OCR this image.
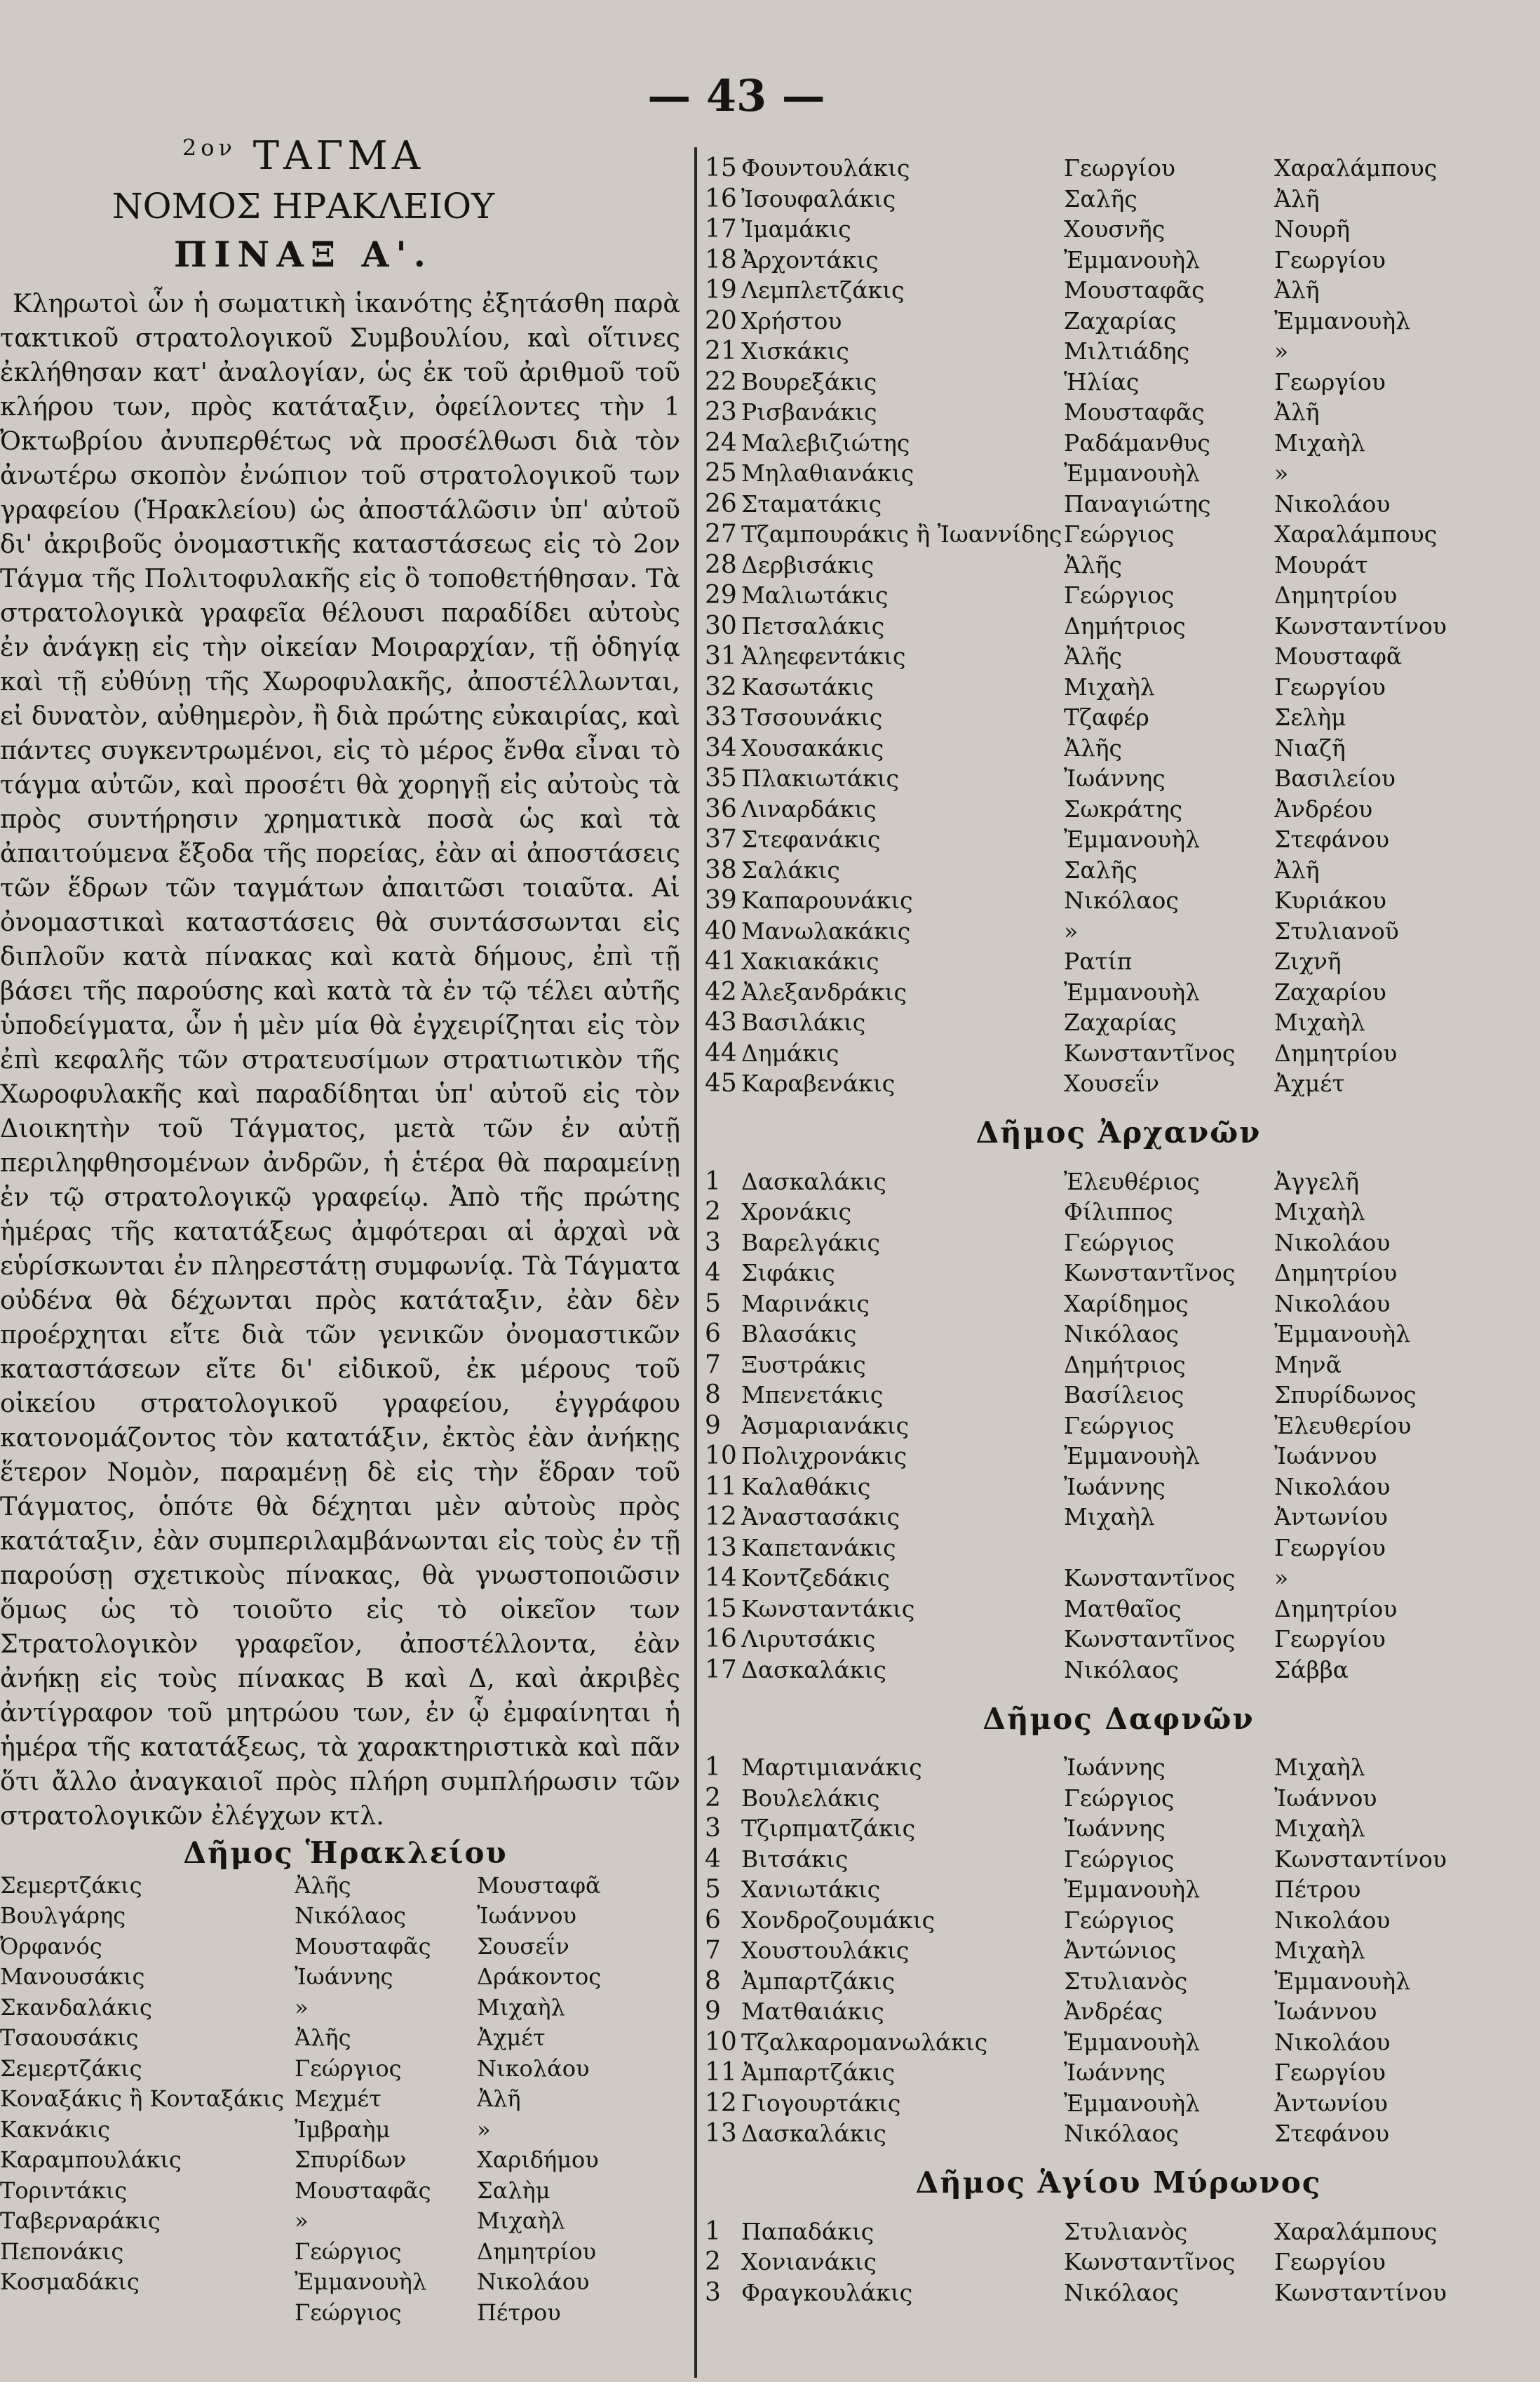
— 43 —
$^{2o\nu}$ ΤΑΓΜΑ
ΝΟΜΟΣ ΗΡΑΚΛΕΙΟΥ
ΠΙΝΑΞ Α'.

Κληρωτοὶ ὧν ἡ σωματικὴ ἱκανότης ἐξητάσθη παρὰ τακτικοῦ στρατολογικοῦ Συμβουλίου, καὶ οἵτινες ἐκλήθησαν κατ' ἀναλογίαν, ὡς ἐκ τοῦ ἀριθμοῦ τοῦ κλήρου των, πρὸς κατάταξιν, ὀφείλοντες τὴν 1 Ὀκτωβρίου ἀνυπερθέτως νὰ προσέλθωσι διὰ τὸν ἀνωτέρω σκοπὸν ἐνώπιον τοῦ στρατολογικοῦ των γραφείου (Ἡρακλείου) ὡς ἀποστάλῶσιν ὑπ' αὐτοῦ δι' ἀκριβοῦς ὀνομαστικῆς καταστάσεως εἰς τὸ 2ον Τάγμα τῆς Πολιτοφυλακῆς εἰς ὃ τοποθετήθησαν. Τὰ στρατολογικὰ γραφεῖα θέλουσι παραδίδει αὐτοὺς ἐν ἀνάγκῃ εἰς τὴν οἰκείαν Μοιραρχίαν, τῇ ὁδηγίᾳ καὶ τῇ εὐθύνῃ τῆς Χωροφυλακῆς, ἀποστέλλωνται, εἰ δυνατὸν, αὐθημερὸν, ἢ διὰ πρώτης εὐκαιρίας, καὶ πάντες συγκεντρωμένοι, εἰς τὸ μέρος ἔνθα εἶναι τὸ τάγμα αὐτῶν, καὶ προσέτι θὰ χορηγῇ εἰς αὐτοὺς τὰ πρὸς συντήρησιν χρηματικὰ ποσὰ ὡς καὶ τὰ ἀπαιτούμενα ἔξοδα τῆς πορείας, ἐὰν αἱ ἀποστάσεις τῶν ἕδρων τῶν ταγμάτων ἀπαιτῶσι τοιαῦτα. Αἱ ὀνομαστικαὶ καταστάσεις θὰ συντάσσωνται εἰς διπλοῦν κατὰ πίνακας καὶ κατὰ δήμους, ἐπὶ τῇ βάσει τῆς παρούσης καὶ κατὰ τὰ ἐν τῷ τέλει αὐτῆς ὑποδείγματα, ὧν ἡ μὲν μία θὰ ἐγχειρίζηται εἰς τὸν ἐπὶ κεφαλῆς τῶν στρατευσίμων στρατιωτικὸν τῆς Χωροφυλακῆς καὶ παραδίδηται ὑπ' αὐτοῦ εἰς τὸν Διοικητὴν τοῦ Τάγματος, μετὰ τῶν ἐν αὐτῇ περιληφθησομένων ἀνδρῶν, ἡ ἑτέρα θὰ παραμείνῃ ἐν τῷ στρατολογικῷ γραφείῳ. Ἀπὸ τῆς πρώτης ἡμέρας τῆς κατατάξεως ἀμφότεραι αἱ ἀρχαὶ νὰ εὑρίσκωνται ἐν πληρεστάτῃ συμφωνίᾳ. Τὰ Τάγματα οὐδένα θὰ δέχωνται πρὸς κατάταξιν, ἐὰν δὲν προέρχηται εἴτε διὰ τῶν γενικῶν ὀνομαστικῶν καταστάσεων εἴτε δι' εἰδικοῦ, ἐκ μέρους τοῦ οἰκείου στρατολογικοῦ γραφείου, ἐγγράφου κατονομάζοντος τὸν κατατάξιν, ἐκτὸς ἐὰν ἀνήκῃς ἕτερον Νομὸν, παραμένῃ δὲ εἰς τὴν ἕδραν τοῦ Τάγματος, ὁπότε θὰ δέχηται μὲν αὐτοὺς πρὸς κατάταξιν, ἐὰν συμπεριλαμβάνωνται εἰς τοὺς ἐν τῇ παρούσῃ σχετικοὺς πίνακας, θὰ γνωστοποιῶσιν ὅμως ὡς τὸ τοιοῦτο εἰς τὸ οἰκεῖον των Στρατολογικὸν γραφεῖον, ἀποστέλλοντα, ἐὰν ἀνήκῃ εἰς τοὺς πίνακας Β καὶ Δ, καὶ ἀκριβὲς ἀντίγραφον τοῦ μητρώου των, ἐν ᾧ ἐμφαίνηται ἡ ἡμέρα τῆς κατατάξεως, τὰ χαρακτηριστικὰ καὶ πᾶν ὅτι ἄλλο ἀναγκαιοῖ πρὸς πλήρη συμπλήρωσιν τῶν στρατολογικῶν ἐλέγχων κτλ.

Δῆμος Ἡρακλείου
Σεμερτζάκις	Ἀλῆς	Μουσταφᾶ
Βουλγάρης	Νικόλαος	Ἰωάννου
Ὀρφανός	Μουσταφᾶς	Σουσεΐν
Μανουσάκις	Ἰωάννης	Δράκοντος
Σκανδαλάκις	»	Μιχαὴλ
Τσαουσάκις	Ἀλῆς	Ἀχμέτ
Σεμερτζάκις	Γεώργιος	Νικολάου
Κοναξάκις ἢ Κονταξάκις	Μεχμέτ	Ἀλῆ
Κακνάκις	Ἰμβραὴμ	»
Καραμπουλάκις	Σπυρίδων	Χαριδήμου
Τοριντάκις	Μουσταφᾶς	Σαλὴμ
Ταβερναράκις	»	Μιχαὴλ
Πεπονάκις	Γεώργιος	Δημητρίου
Κοσμαδάκις	Ἐμμανουὴλ	Νικολάου
	Γεώργιος	Πέτρου
15	Φουντουλάκις	Γεωργίου	Χαραλάμπους
16	Ἰσουφαλάκις	Σαλῆς	Ἀλῆ
17	Ἰμαμάκις	Χουσνῆς	Νουρῆ
18	Ἀρχοντάκις	Ἐμμανουὴλ	Γεωργίου
19	Λεμπλετζάκις	Μουσταφᾶς	Ἀλῆ
20	Χρήστου	Ζαχαρίας	Ἐμμανουὴλ
21	Χισκάκις	Μιλτιάδης	»
22	Βουρεξάκις	Ἡλίας	Γεωργίου
23	Ρισβανάκις	Μουσταφᾶς	Ἀλῆ
24	Μαλεβιζιώτης	Ραδάμανθυς	Μιχαὴλ
25	Μηλαθιανάκις	Ἐμμανουὴλ	»
26	Σταματάκις	Παναγιώτης	Νικολάου
27	Τζαμπουράκις ἢ Ἰωαννίδης	Γεώργιος	Χαραλάμπους
28	Δερβισάκις	Ἀλῆς	Μουράτ
29	Μαλιωτάκις	Γεώργιος	Δημητρίου
30	Πετσαλάκις	Δημήτριος	Κωνσταντίνου
31	Ἀληεφεντάκις	Ἀλῆς	Μουσταφᾶ
32	Κασωτάκις	Μιχαὴλ	Γεωργίου
33	Τσσουνάκις	Τζαφέρ	Σελὴμ
34	Χουσακάκις	Ἀλῆς	Νιαζῆ
35	Πλακιωτάκις	Ἰωάννης	Βασιλείου
36	Λιναρδάκις	Σωκράτης	Ἀνδρέου
37	Στεφανάκις	Ἐμμανουὴλ	Στεφάνου
38	Σαλάκις	Σαλῆς	Ἀλῆ
39	Καπαρουνάκις	Νικόλαος	Κυριάκου
40	Μανωλακάκις	»	Στυλιανοῦ
41	Χακιακάκις	Ρατίπ	Ζιχνῆ
42	Ἀλεξανδράκις	Ἐμμανουὴλ	Ζαχαρίου
43	Βασιλάκις	Ζαχαρίας	Μιχαὴλ
44	Δημάκις	Κωνσταντῖνος	Δημητρίου
45	Καραβενάκις	Χουσεΐν	Ἀχμέτ
Δῆμος Ἀρχανῶν
1	Δασκαλάκις	Ἐλευθέριος	Ἀγγελῆ
2	Χρονάκις	Φίλιππος	Μιχαὴλ
3	Βαρελγάκις	Γεώργιος	Νικολάου
4	Σιφάκις	Κωνσταντῖνος	Δημητρίου
5	Μαρινάκις	Χαρίδημος	Νικολάου
6	Βλασάκις	Νικόλαος	Ἐμμανουὴλ
7	Ξυστράκις	Δημήτριος	Μηνᾶ
8	Μπενετάκις	Βασίλειος	Σπυρίδωνος
9	Ἀσμαριανάκις	Γεώργιος	Ἐλευθερίου
10	Πολιχρονάκις	Ἐμμανουὴλ	Ἰωάννου
11	Καλαθάκις	Ἰωάννης	Νικολάου
12	Ἀναστασάκις	Μιχαὴλ	Ἀντωνίου
13	Καπετανάκις		Γεωργίου
14	Κοντζεδάκις	Κωνσταντῖνος	»
15	Κωνσταντάκις	Ματθαῖος	Δημητρίου
16	Λιρυτσάκις	Κωνσταντῖνος	Γεωργίου
17	Δασκαλάκις	Νικόλαος	Σάββα
Δῆμος Δαφνῶν
1	Μαρτιμιανάκις	Ἰωάννης	Μιχαὴλ
2	Βουλελάκις	Γεώργιος	Ἰωάννου
3	Τζιρπματζάκις	Ἰωάννης	Μιχαὴλ
4	Βιτσάκις	Γεώργιος	Κωνσταντίνου
5	Χανιωτάκις	Ἐμμανουὴλ	Πέτρου
6	Χονδροζουμάκις	Γεώργιος	Νικολάου
7	Χουστουλάκις	Ἀντώνιος	Μιχαὴλ
8	Ἀμπαρτζάκις	Στυλιανὸς	Ἐμμανουὴλ
9	Ματθαιάκις	Ἀνδρέας	Ἰωάννου
10	Τζαλκαρομανωλάκις	Ἐμμανουὴλ	Νικολάου
11	Ἀμπαρτζάκις	Ἰωάννης	Γεωργίου
12	Γιογουρτάκις	Ἐμμανουὴλ	Ἀντωνίου
13	Δασκαλάκις	Νικόλαος	Στεφάνου
Δῆμος Ἁγίου Μύρωνος
1	Παπαδάκις	Στυλιανὸς	Χαραλάμπους
2	Χονιανάκις	Κωνσταντῖνος	Γεωργίου
3	Φραγκουλάκις	Νικόλαος	Κωνσταντίνου
